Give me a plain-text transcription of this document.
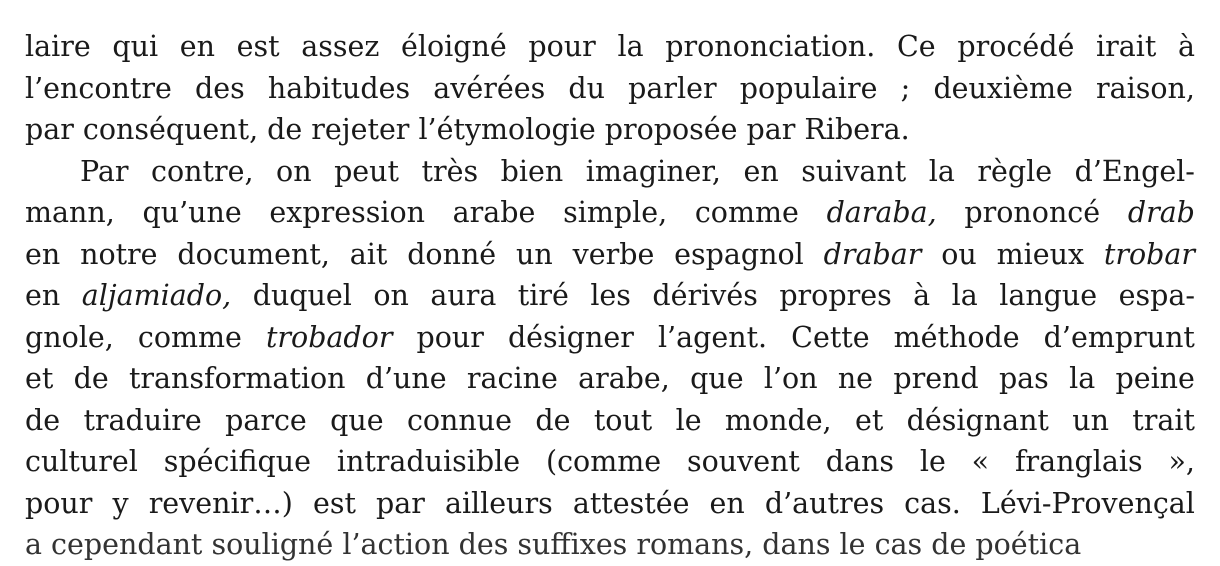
laire qui en est assez éloigné pour la prononciation. Ce procédé irait à
l’encontre des habitudes avérées du parler populaire ; deuxième raison,
par conséquent, de rejeter l’étymologie proposée par Ribera.
Par contre, on peut très bien imaginer, en suivant la règle d’Engel-
mann, qu’une expression arabe simple, comme daraba, prononcé drab
en notre document, ait donné un verbe espagnol drabar ou mieux trobar
en aljamiado, duquel on aura tiré les dérivés propres à la langue espa-
gnole, comme trobador pour désigner l’agent. Cette méthode d’emprunt
et de transformation d’une racine arabe, que l’on ne prend pas la peine
de traduire parce que connue de tout le monde, et désignant un trait
culturel spécifique intraduisible (comme souvent dans le « franglais »,
pour y revenir…) est par ailleurs attestée en d’autres cas. Lévi-Provençal
a cependant souligné l’action des suffixes romans, dans le cas de poética
